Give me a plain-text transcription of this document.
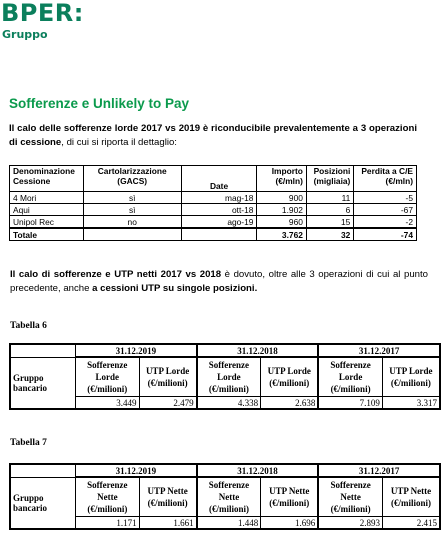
BPER:
Gruppo
Sofferenze e Unlikely to Pay
Il calo delle sofferenze lorde 2017 vs 2019 è riconducibile prevalentemente a 3 operazioni di cessione, di cui si riporta il dettaglio:
Denominazione Cessione	Cartolarizzazione (GACS)	Date	Importo (€/mln)	Posizioni (migliaia)	Perdita a C/E (€/mln)
4 Mori	sì	mag-18	900	11	-5
Aqui	sì	ott-18	1.902	6	-67
Unipol Rec	no	ago-19	960	15	-2
Totale			3.762	32	-74
Il calo di sofferenze e UTP netti 2017 vs 2018 è dovuto, oltre alle 3 operazioni di cui al punto precedente, anche a cessioni UTP su singole posizioni.
Tabella 6
	31.12.2019		31.12.2018		31.12.2017	
Gruppo bancario	Sofferenze Lorde (€/milioni)	UTP Lorde (€/milioni)	Sofferenze Lorde (€/milioni)	UTP Lorde (€/milioni)	Sofferenze Lorde (€/milioni)	UTP Lorde (€/milioni)
	3.449	2.479	4.338	2.638	7.109	3.317
Tabella 7
	31.12.2019		31.12.2018		31.12.2017	
Gruppo bancario	Sofferenze Nette (€/milioni)	UTP Nette (€/milioni)	Sofferenze Nette (€/milioni)	UTP Nette (€/milioni)	Sofferenze Nette (€/milioni)	UTP Nette (€/milioni)
	1.171	1.661	1.448	1.696	2.893	2.415
